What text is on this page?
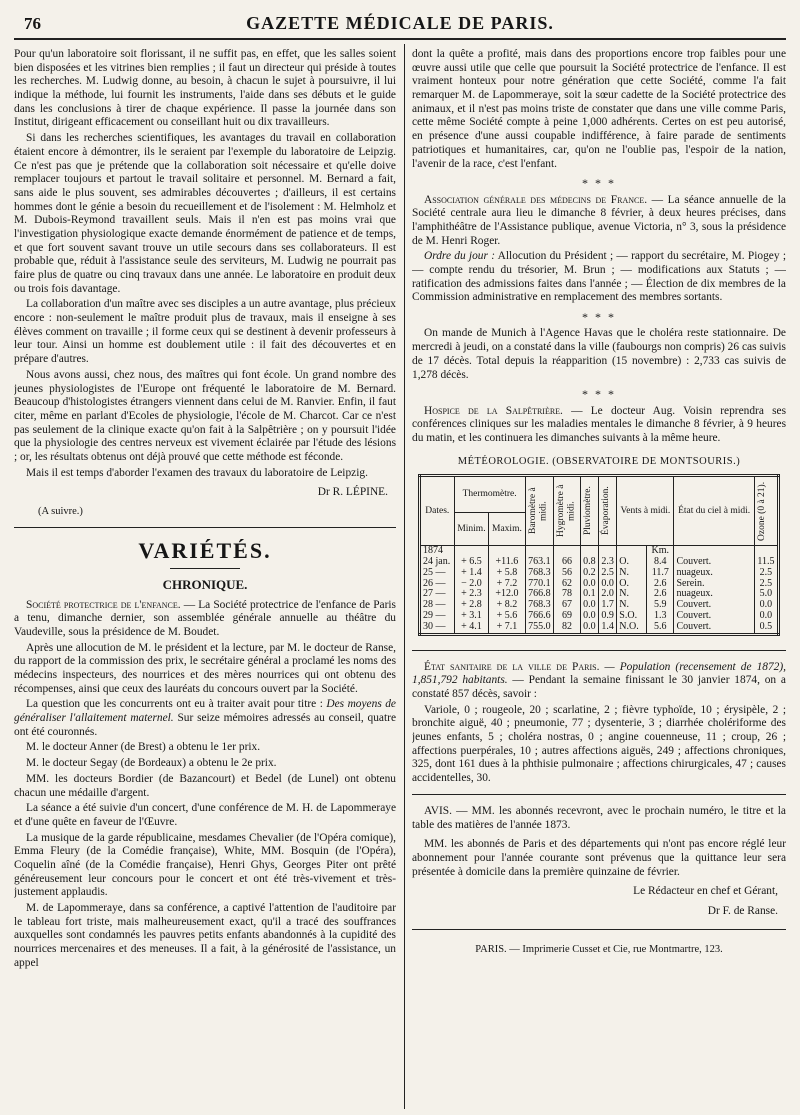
76	GAZETTE MÉDICALE DE PARIS.

Pour qu'un laboratoire soit florissant, il ne suffit pas, en effet, que les salles soient bien disposées et les vitrines bien remplies ; il faut un directeur qui préside à toutes les recherches. M. Ludwig donne, au besoin, à chacun le sujet à poursuivre, il lui indique la méthode, lui fournit les instruments, l'aide dans ses débuts et le guide dans les conclusions à tirer de chaque expérience. Il passe la journée dans son Institut, dirigeant efficacement ou conseillant huit ou dix travailleurs.

Si dans les recherches scientifiques, les avantages du travail en collaboration étaient encore à démontrer, ils le seraient par l'exemple du laboratoire de Leipzig. Ce n'est pas que je prétende que la collaboration soit nécessaire et qu'elle doive remplacer toujours et partout le travail solitaire et personnel. M. Bernard a fait, sans aide le plus souvent, ses admirables découvertes ; d'ailleurs, il est certains hommes dont le génie a besoin du recueillement et de l'isolement : M. Helmholz et M. Dubois-Reymond travaillent seuls. Mais il n'en est pas moins vrai que l'investigation physiologique exacte demande énormément de patience et de temps, et que fort souvent savant trouve un utile secours dans ses collaborateurs. Il est probable que, réduit à l'assistance seule des serviteurs, M. Ludwig ne pourrait pas faire plus de quatre ou cinq travaux dans une année. Le laboratoire en produit deux ou trois fois davantage.

La collaboration d'un maître avec ses disciples a un autre avantage, plus précieux encore : non-seulement le maître produit plus de travaux, mais il enseigne à ses élèves comment on travaille ; il forme ceux qui se destinent à devenir professeurs à leur tour. Ainsi un homme est doublement utile : il fait des découvertes et en prépare d'autres.

Nous avons aussi, chez nous, des maîtres qui font école. Un grand nombre des jeunes physiologistes de l'Europe ont fréquenté le laboratoire de M. Bernard. Beaucoup d'histologistes étrangers viennent dans celui de M. Ranvier. Enfin, il faut citer, même en parlant d'Ecoles de physiologie, l'école de M. Charcot. Car ce n'est pas seulement de la clinique exacte qu'on fait à la Salpêtrière ; on y poursuit l'idée que la physiologie des centres nerveux est vivement éclairée par l'étude des lésions ; or, les résultats obtenus ont déjà prouvé que cette méthode est féconde.

Mais il est temps d'aborder l'examen des travaux du laboratoire de Leipzig.

Dr R. LÉPINE.
(A suivre.)
VARIÉTÉS.
CHRONIQUE.

Société protectrice de l'enfance. — La Société protectrice de l'enfance de Paris a tenu, dimanche dernier, son assemblée générale annuelle au théâtre du Vaudeville, sous la présidence de M. Boudet.

Après une allocution de M. le président et la lecture, par M. le docteur de Ranse, du rapport de la commission des prix, le secrétaire général a proclamé les noms des médecins inspecteurs, des nourrices et des mères nourrices qui ont obtenu des récompenses, ainsi que ceux des lauréats du concours ouvert par la Société.

La question que les concurrents ont eu à traiter avait pour titre : Des moyens de généraliser l'allaitement maternel. Sur seize mémoires adressés au conseil, quatre ont été couronnés.

M. le docteur Anner (de Brest) a obtenu le 1er prix.

M. le docteur Segay (de Bordeaux) a obtenu le 2e prix.

MM. les docteurs Bordier (de Bazancourt) et Bedel (de Lunel) ont obtenu chacun une médaille d'argent.

La séance a été suivie d'un concert, d'une conférence de M. H. de Lapommeraye et d'une quête en faveur de l'Œuvre.

La musique de la garde républicaine, mesdames Chevalier (de l'Opéra comique), Emma Fleury (de la Comédie française), White, MM. Bosquin (de l'Opéra), Coquelin aîné (de la Comédie française), Henri Ghys, Georges Piter ont prêté généreusement leur concours pour le concert et ont été très-vivement et très-justement applaudis.

M. de Lapommeraye, dans sa conférence, a captivé l'attention de l'auditoire par le tableau fort triste, mais malheureusement exact, qu'il a tracé des souffrances auxquelles sont condamnés les pauvres petits enfants abandonnés à la cupidité des nourrices mercenaires et des meneuses. Il a fait, à la générosité de l'assistance, un appel

dont la quête a profité, mais dans des proportions encore trop faibles pour une œuvre aussi utile que celle que poursuit la Société protectrice de l'enfance. Il est vraiment honteux pour notre génération que cette Société, comme l'a fait remarquer M. de Lapommeraye, soit la sœur cadette de la Société protectrice des animaux, et il n'est pas moins triste de constater que dans une ville comme Paris, cette même Société compte à peine 1,000 adhérents. Certes on est peu autorisé, en présence d'une aussi coupable indifférence, à faire parade de sentiments patriotiques et humanitaires, car, qu'on ne l'oublie pas, l'espoir de la nation, l'avenir de la race, c'est l'enfant.

* * *

Association générale des médecins de France. — La séance annuelle de la Société centrale aura lieu le dimanche 8 février, à deux heures précises, dans l'amphithéâtre de l'Assistance publique, avenue Victoria, n° 3, sous la présidence de M. Henri Roger.

Ordre du jour : Allocution du Président ; — rapport du secrétaire, M. Piogey ; — compte rendu du trésorier, M. Brun ; — modifications aux Statuts ; — ratification des admissions faites dans l'année ; — Élection de dix membres de la Commission administrative en remplacement des membres sortants.

* * *

On mande de Munich à l'Agence Havas que le choléra reste stationnaire. De mercredi à jeudi, on a constaté dans la ville (faubourgs non compris) 26 cas suivis de 17 décès. Total depuis la réapparition (15 novembre) : 2,733 cas suivis de 1,278 décès.

* * *

Hospice de la Salpêtrière. — Le docteur Aug. Voisin reprendra ses conférences cliniques sur les maladies mentales le dimanche 8 février, à 9 heures du matin, et les continuera les dimanches suivants à la même heure.

MÉTÉOROLOGIE. (OBSERVATOIRE DE MONTSOURIS.)
Dates.	Thermomètre.		Baromètre à midi.	Hygromètre à midi.	Pluviomètre.	Évaporation.	Vents à midi.		État du ciel à midi.	Ozone (0 à 21).

	Minim.	Maxim.								
1874								Km.		
24 jan.	+ 6.5	+11.6	763.1	66	0.8	2.3	O.	8.4	Couvert.	11.5
25 —	+ 1.4	+ 5.8	768.3	56	0.2	2.5	N.	11.7	nuageux.	2.5
26 —	− 2.0	+ 7.2	770.1	62	0.0	0.0	O.	2.6	Serein.	2.5
27 —	+ 2.3	+12.0	766.8	78	0.1	2.0	N.	2.6	nuageux.	5.0
28 —	+ 2.8	+ 8.2	768.3	67	0.0	1.7	N.	5.9	Couvert.	0.0
29 —	+ 3.1	+ 5.6	766.6	69	0.0	0.9	S.O.	1.3	Couvert.	0.0
30 —	+ 4.1	+ 7.1	755.0	82	0.0	1.4	N.O.	5.6	Couvert.	0.5

État sanitaire de la ville de Paris. — Population (recensement de 1872), 1,851,792 habitants. — Pendant la semaine finissant le 30 janvier 1874, on a constaté 857 décès, savoir :

Variole, 0 ; rougeole, 20 ; scarlatine, 2 ; fièvre typhoïde, 10 ; érysipèle, 2 ; bronchite aiguë, 40 ; pneumonie, 77 ; dysenterie, 3 ; diarrhée cholériforme des jeunes enfants, 5 ; choléra nostras, 0 ; angine couenneuse, 11 ; croup, 26 ; affections puerpérales, 10 ; autres affections aiguës, 249 ; affections chroniques, 325, dont 161 dues à la phthisie pulmonaire ; affections chirurgicales, 47 ; causes accidentelles, 30.

AVIS. — MM. les abonnés recevront, avec le prochain numéro, le titre et la table des matières de l'année 1873.

MM. les abonnés de Paris et des départements qui n'ont pas encore réglé leur abonnement pour l'année courante sont prévenus que la quittance leur sera présentée à domicile dans la première quinzaine de février.

Le Rédacteur en chef et Gérant,
Dr F. de Ranse.
PARIS. — Imprimerie Cusset et Cie, rue Montmartre, 123.
